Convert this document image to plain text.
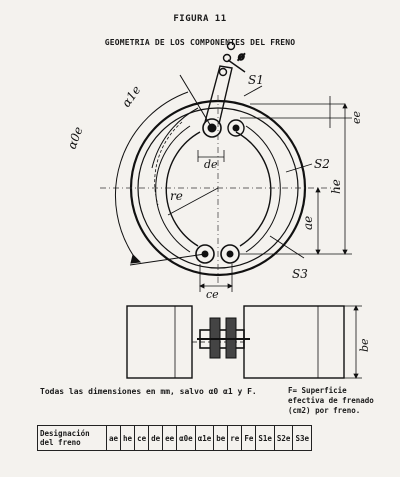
FIGURA 11
GEOMETRIA DE LOS COMPONENTES DEL FRENO
ø
α0e
α1e
S1
S2
S3
de
re
ae
he
ee
ce
be
Todas las dimensiones en mm, salvo α0 α1 y F.	F= Superficie efectiva de frenado (cm2) por freno.
Designación del freno	ae	he	ce	de	ee	α0e	α1e	be	re	Fe	S1e	S2e	S3e
